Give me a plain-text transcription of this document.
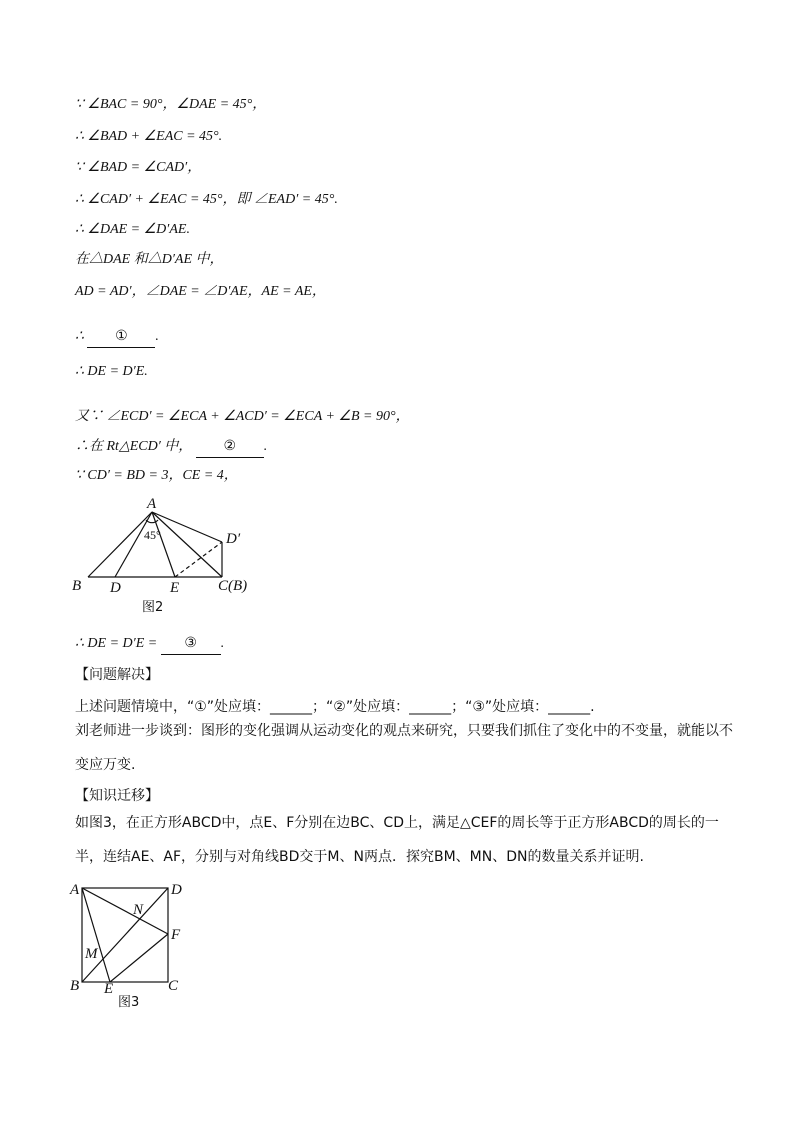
∵ ∠BAC = 90°，∠DAE = 45°，
∴ ∠BAD + ∠EAC = 45°.
∵ ∠BAD = ∠CAD′，
∴ ∠CAD′ + ∠EAC = 45°，即 ∠EAD′ = 45°.
∴ ∠DAE = ∠D′AE.
在△DAE 和△D′AE 中，
AD = AD′，∠DAE = ∠D′AE，AE = AE，
∴ ① .
∴ DE = D′E.
又∵ ∠ECD′ = ∠ECA + ∠ACD′ = ∠ECA + ∠B = 90°，
∴在 Rt△ECD′ 中， ② .
∵ CD′ = BD = 3，CE = 4，
A
45°	D′
B D	E	C(B)
图2
∴ DE = D′E = ③ .
【问题解决】
上述问题情境中，“①”处应填：______；“②”处应填：______；“③”处应填：______.
刘老师进一步谈到：图形的变化强调从运动变化的观点来研究，只要我们抓住了变化中的不变量，就能以不变应万变.
【知识迁移】
如图3，在正方形ABCD中，点E、F分别在边BC、CD上，满足△CEF的周长等于正方形ABCD的周长的一半，连结AE、AF，分别与对角线BD交于M、N两点．探究BM、MN、DN的数量关系并证明.
A	D
N
F
M
B E	C
图3
